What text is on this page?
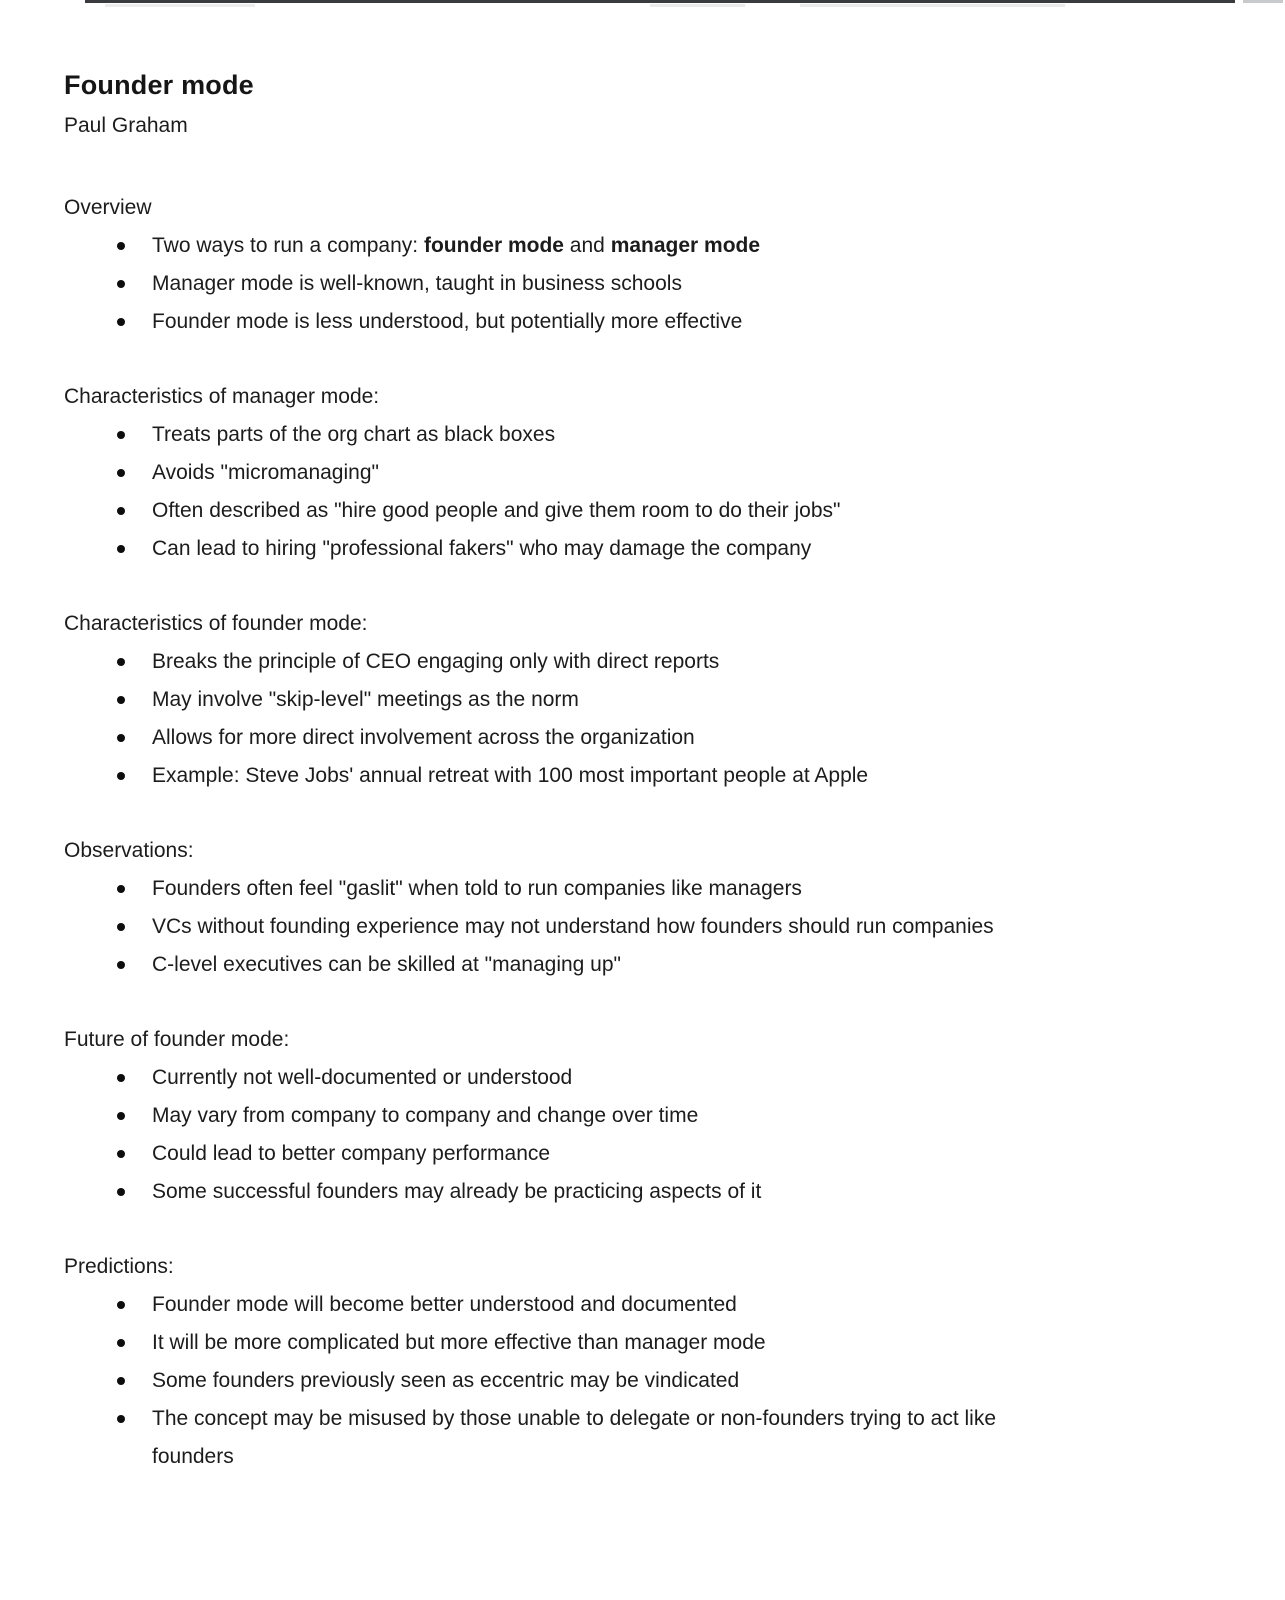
Founder mode
Paul Graham
Overview
Two ways to run a company: founder mode and manager mode
Manager mode is well-known, taught in business schools
Founder mode is less understood, but potentially more effective
Characteristics of manager mode:
Treats parts of the org chart as black boxes
Avoids "micromanaging"
Often described as "hire good people and give them room to do their jobs"
Can lead to hiring "professional fakers" who may damage the company
Characteristics of founder mode:
Breaks the principle of CEO engaging only with direct reports
May involve "skip-level" meetings as the norm
Allows for more direct involvement across the organization
Example: Steve Jobs' annual retreat with 100 most important people at Apple
Observations:
Founders often feel "gaslit" when told to run companies like managers
VCs without founding experience may not understand how founders should run companies
C-level executives can be skilled at "managing up"
Future of founder mode:
Currently not well-documented or understood
May vary from company to company and change over time
Could lead to better company performance
Some successful founders may already be practicing aspects of it
Predictions:
Founder mode will become better understood and documented
It will be more complicated but more effective than manager mode
Some founders previously seen as eccentric may be vindicated
The concept may be misused by those unable to delegate or non-founders trying to act like founders
